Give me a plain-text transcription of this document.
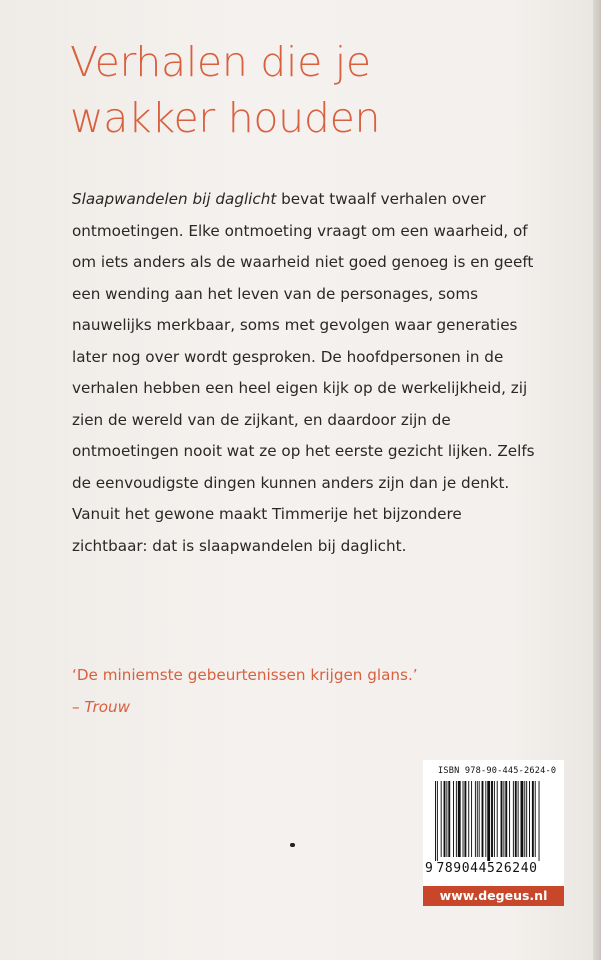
Verhalen die je
wakker houden

Slaapwandelen bij daglicht bevat twaalf verhalen over ontmoetingen. Elke ontmoeting vraagt om een waarheid, of om iets anders als de waarheid niet goed genoeg is en geeft een wending aan het leven van de personages, soms nauwelijks merkbaar, soms met gevolgen waar generaties later nog over wordt gesproken. De hoofdpersonen in de verhalen hebben een heel eigen kijk op de werkelijkheid, zij zien de wereld van de zijkant, en daardoor zijn de ontmoetingen nooit wat ze op het eerste gezicht lijken. Zelfs de eenvoudigste dingen kunnen anders zijn dan je denkt. Vanuit het gewone maakt Timmerije het bijzondere zichtbaar: dat is slaapwandelen bij daglicht.

‘De miniemste gebeurtenissen krijgen glans.’
– Trouw
ISBN 978-90-445-2624-0
9 789044526240
www.degeus.nl
